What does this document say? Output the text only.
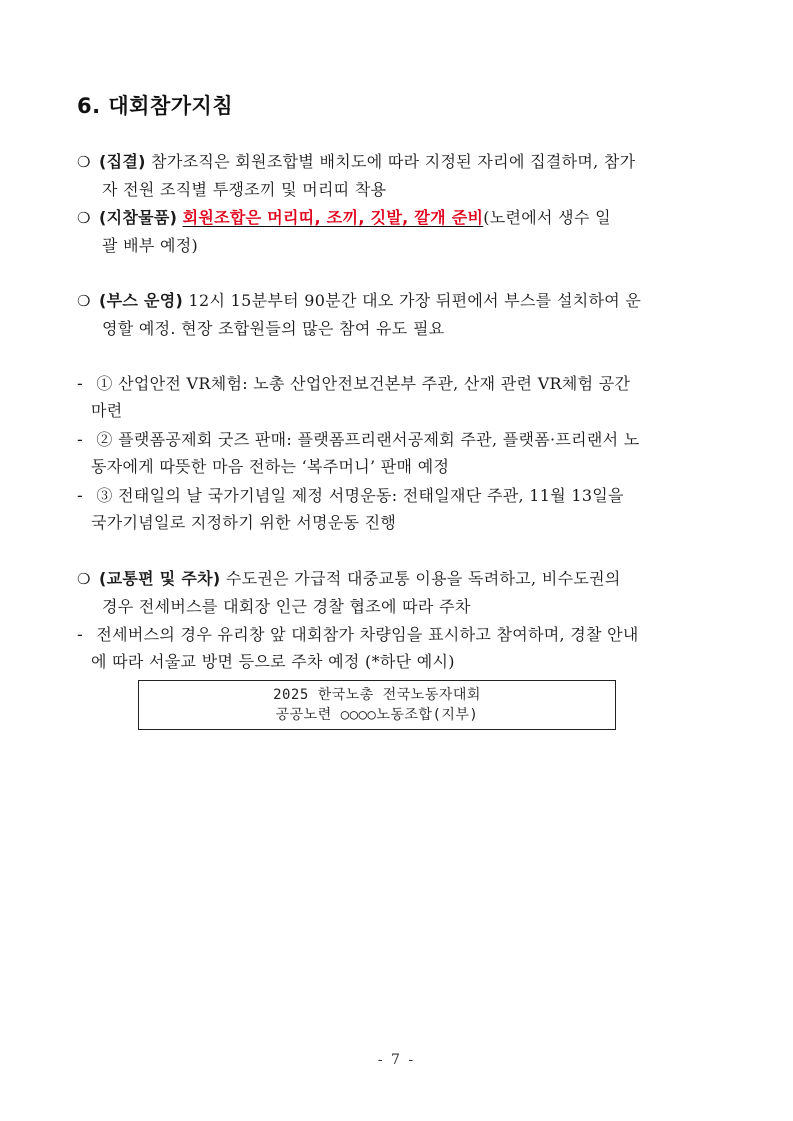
6. 대회참가지침
❍ (집결) 참가조직은 회원조합별 배치도에 따라 지정된 자리에 집결하며, 참가
자 전원 조직별 투쟁조끼 및 머리띠 착용
❍ (지참물품) 회원조합은 머리띠, 조끼, 깃발, 깔개 준비(노련에서 생수 일
괄 배부 예정)
❍ (부스 운영) 12시 15분부터 90분간 대오 가장 뒤편에서 부스를 설치하여 운
영할 예정. 현장 조합원들의 많은 참여 유도 필요
- ① 산업안전 VR체험: 노총 산업안전보건본부 주관, 산재 관련 VR체험 공간
마련
- ② 플랫폼공제회 굿즈 판매: 플랫폼프리랜서공제회 주관, 플랫폼·프리랜서 노
동자에게 따뜻한 마음 전하는 ‘복주머니’ 판매 예정
- ③ 전태일의 날 국가기념일 제정 서명운동: 전태일재단 주관, 11월 13일을
국가기념일로 지정하기 위한 서명운동 진행
❍ (교통편 및 주차) 수도권은 가급적 대중교통 이용을 독려하고, 비수도권의
경우 전세버스를 대회장 인근 경찰 협조에 따라 주차
- 전세버스의 경우 유리창 앞 대회참가 차량임을 표시하고 참여하며, 경찰 안내
에 따라 서울교 방면 등으로 주차 예정 (*하단 예시)
2025 한국노총 전국노동자대회
공공노련 ○○○○노동조합(지부)
- 7 -
